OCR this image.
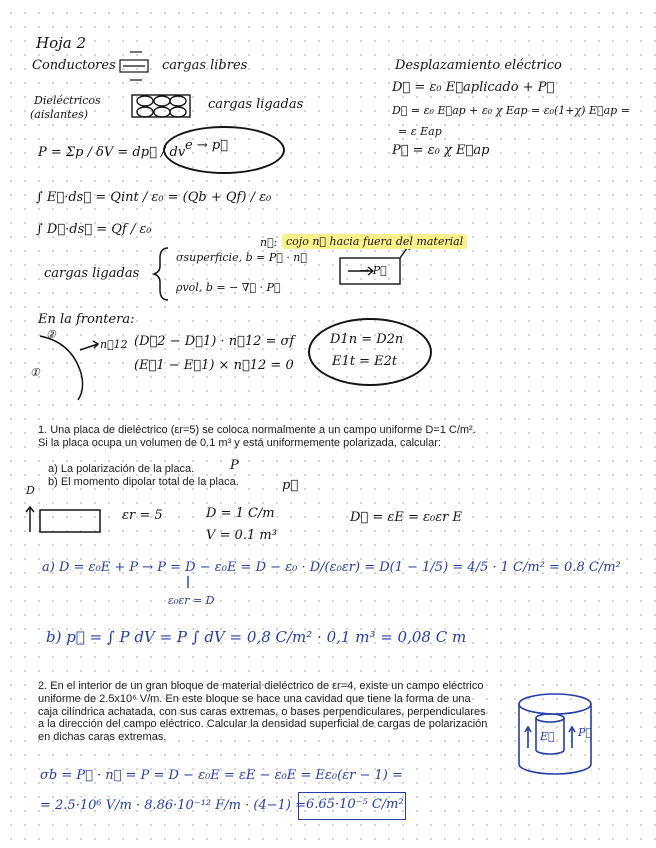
Hoja 2
Conductores	cargas libres
Dieléctricos
(aislantes)
cargas ligadas
Desplazamiento eléctrico
D⃗ = ε₀ E⃗aplicado + P⃗
D⃗ = ε₀ E⃗ap + ε₀ χ Eap = ε₀(1+χ) E⃗ap =
= ε Eap
P⃗ = ε₀ χ E⃗ap
P = Σp / δV = dp⃗ / dv e → p⃗
∫ E⃗·ds⃗ = Qint / ε₀ = (Qb + Qf) / ε₀
∫ D⃗·ds⃗ = Qf / ε₀
cargas ligadas
σsuperficie, b = P⃗ · n⃗
ρvol, b = − ∇⃗ · P⃗
n⃗: cojo n⃗ hacia fuera del material
→ P⃗
En la frontera:
②
①
n⃗12 (D⃗2 − D⃗1) · n⃗12 = σf
(E⃗1 − E⃗1) × n⃗12 = 0
D1n = D2n
E1t = E2t
1. Una placa de dieléctrico (εr=5) se coloca normalmente a un campo uniforme D=1 C/m². Si la placa ocupa un volumen de 0.1 m³ y está uniformemente polarizada, calcular:
a) La polarización de la placa.
b) El momento dipolar total de la placa.
P
p⃗
D
εr = 5	D = 1 C/m
V = 0.1 m³
D⃗ = εE = ε₀εr E
a) D = ε₀E + P → P = D − ε₀E = D − ε₀ · D/(ε₀εr) = D(1 − 1/5) = 4/5 · 1 C/m² = 0.8 C/m²
ε₀εr = D
b) p⃗ = ∫ P dV = P ∫ dV = 0,8 C/m² · 0,1 m³ = 0,08 C m
2. En el interior de un gran bloque de material dieléctrico de εr=4, existe un campo eléctrico uniforme de 2.5x10⁶ V/m. En este bloque se hace una cavidad que tiene la forma de una caja cilíndrica achatada, con sus caras extremas, o bases perpendiculares, perpendiculares a la dirección del campo eléctrico. Calcular la densidad superficial de cargas de polarización en dichas caras extremas.	E⃗ P⃗
σb = P⃗ · n⃗ = P = D − ε₀E = εE − ε₀E = Eε₀(εr − 1) =
= 2.5·10⁶ V/m · 8.86·10⁻¹² F/m · (4−1) = 6.65·10⁻⁵ C/m²
